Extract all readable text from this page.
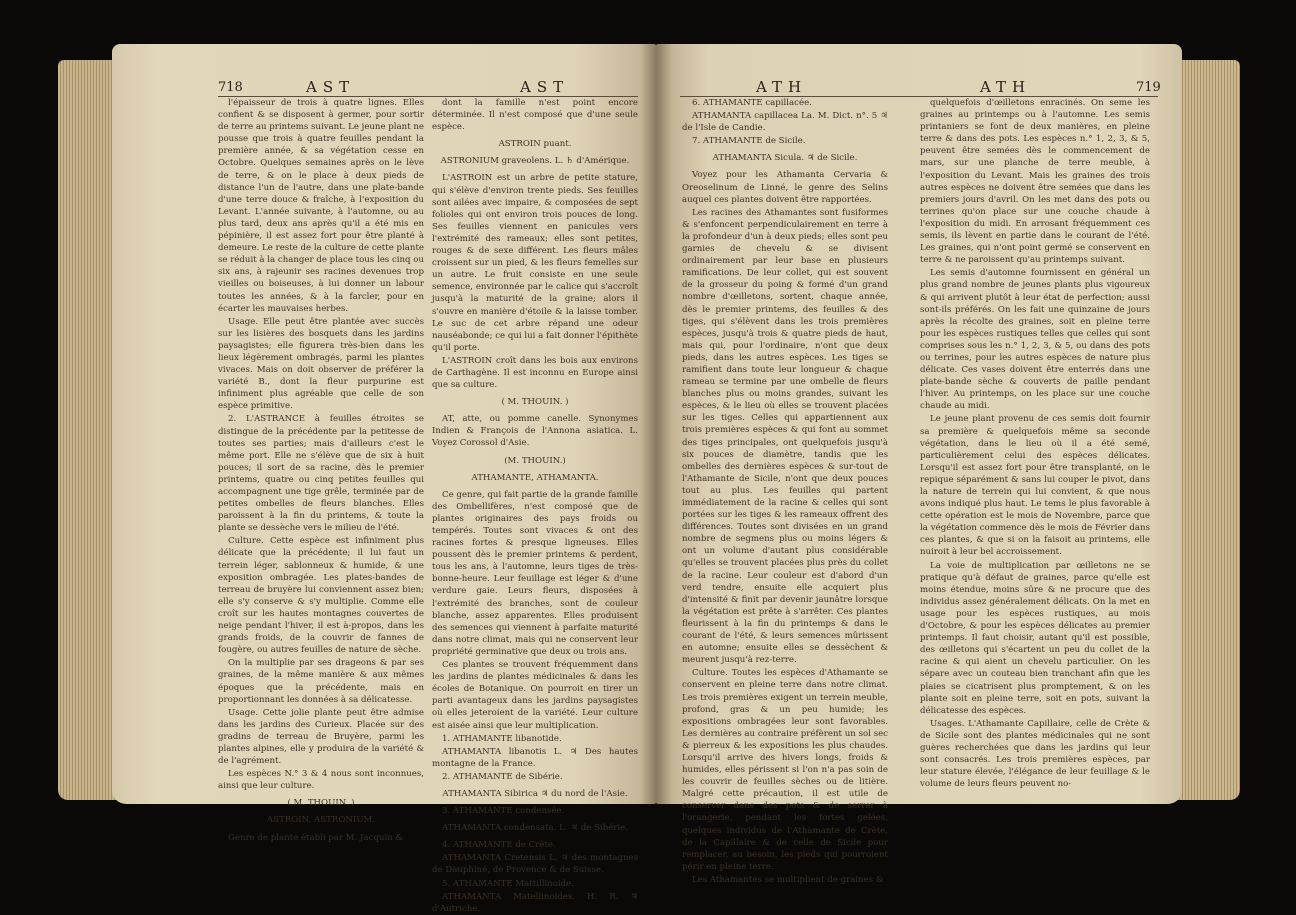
718	AST	AST	ATH	ATH	719

l'épaisseur de trois à quatre lignes. Elles confient & se disposent à germer, pour sortir de terre au printems suivant. Le jeune plant ne pousse que trois à quatre feuilles pendant la première année, & sa végétation cesse en Octobre. Quelques semaines après on le lève de terre, & on le place à deux pieds de distance l'un de l'autre, dans une plate-bande d'une terre douce & fraîche, à l'exposition du Levant. L'année suivante, à l'automne, ou au plus tard, deux ans après qu'il a été mis en pépinière, il est assez fort pour être planté à demeure. Le reste de la culture de cette plante se réduit à la changer de place tous les cinq ou six ans, à rajeunir ses racines devenues trop vieilles ou boiseuses, à lui donner un labour toutes les années, & à la farcler, pour en écarter les mauvaises herbes.

Usage. Elle peut être plantée avec succès sur les lisières des bosquets dans les jardins paysagistes; elle figurera très-bien dans les lieux légèrement ombragés, parmi les plantes vivaces. Mais on doit observer de préférer la variété B., dont la fleur purpurine est infiniment plus agréable que celle de son espèce primitive.

2. L'ASTRANCE à feuilles étroites se distingue de la précédente par la petitesse de toutes ses parties; mais d'ailleurs c'est le même port. Elle ne s'élève que de six à huit pouces; il sort de sa racine, dès le premier printems, quatre ou cinq petites feuilles qui accompagnent une tige grêle, terminée par de petites ombelles de fleurs blanches. Elles paroissent à la fin du printems, & toute la plante se dessèche vers le milieu de l'été.

Culture. Cette espèce est infiniment plus délicate que la précédente; il lui faut un terrein léger, sablonneux & humide, & une exposition ombragée. Les plates-bandes de terreau de bruyère lui conviennent assez bien; elle s'y conserve & s'y multiplie. Comme elle croît sur les hautes montagnes couvertes de neige pendant l'hiver, il est à-propos, dans les grands froids, de la couvrir de fannes de fougère, ou autres feuilles de nature de sèche.

On la multiplie par ses drageons & par ses graines, de la même manière & aux mêmes époques que la précédente, mais en proportionnant les données à sa délicatesse.

Usage. Cette jolie plante peut être admise dans les jardins des Curieux. Placée sur des gradins de terreau de Bruyère, parmi les plantes alpines, elle y produira de la variété & de l'agrément.

Les espèces N.° 3 & 4 nous sont inconnues, ainsi que leur culture.

( M. THOUIN. )

ASTROIN, ASTRONIUM.

Genre de plante établi par M. Jacquin &

dont la famille n'est point encore déterminée. Il n'est composé que d'une seule espèce.

ASTROIN puant.

ASTRONIUM graveolens. L. ♄ d'Amérique.

L'ASTROIN est un arbre de petite stature, qui s'élève d'environ trente pieds. Ses feuilles sont ailées avec impaire, & composées de sept folioles qui ont environ trois pouces de long. Ses feuilles viennent en panicules vers l'extrémité des rameaux; elles sont petites, rouges & de sexe différent. Les fleurs mâles croissent sur un pied, & les fleurs femelles sur un autre. Le fruit consiste en une seule semence, environnée par le calice qui s'accroît jusqu'à la maturité de la graine; alors il s'ouvre en manière d'étoile & la laisse tomber. Le suc de cet arbre répand une odeur nauséabonde; ce qui lui a fait donner l'épithète qu'il porte.

L'ASTROIN croît dans les bois aux environs de Carthagène. Il est inconnu en Europe ainsi que sa culture.

( M. THOUIN. )

AT, atte, ou pomme canelle. Synonymes Indien & François de l'Annona asiatica. L. Voyez Corossol d'Asie.

(M. THOUIN.)

ATHAMANTE, ATHAMANTA.

Ce genre, qui fait partie de la grande famille des Ombellifères, n'est composé que de plantes originaires des pays froids ou tempérés. Toutes sont vivaces & ont des racines fortes & presque ligneuses. Elles poussent dès le premier printems & perdent, tous les ans, à l'automne, leurs tiges de très-bonne-heure. Leur feuillage est léger & d'une verdure gaie. Leurs fleurs, disposées à l'extrémité des branches, sont de couleur blanche, assez apparentes. Elles produisent des semences qui viennent à parfaite maturité dans notre climat, mais qui ne conservent leur propriété germinative que deux ou trois ans.

Ces plantes se trouvent fréquemment dans les jardins de plantes médicinales & dans les écoles de Botanique. On pourroit en tirer un parti avantageux dans les jardins paysagistes où elles jeteroient de la variété. Leur culture est aisée ainsi que leur multiplication.

1. ATHAMANTE libanotide.

ATHAMANTA libanotis L. ♃ Des hautes montagne de la France.

2. ATHAMANTE de Sibérie.

ATHAMANTA Sibirica ♃ du nord de l'Asie.

3. ATHAMANTE condensée.

ATHAMANTA condensata. L. ♃ de Sibérie.

4. ATHAMANTE de Crète.

ATHAMANTA Cretensis L. ♃ des montagnes de Dauphiné, de Provence & de Suisse.

5. ATHAMANTE Mattillinoide.

ATHAMANTA Matellinoides. H. R. ♃ d'Autriche.

6. ATHAMANTE capillacée.

ATHAMANTA capillacea La. M. Dict. n°. 5 ♃ de l'Isle de Candie.

7. ATHAMANTE de Sicile.

ATHAMANTA Sicula. ♃ de Sicile.

Voyez pour les Athamanta Cervaria & Oreoselinum de Linné, le genre des Selins auquel ces plantes doivent être rapportées.

Les racines des Athamantes sont fusiformes & s'enfoncent perpendiculairement en terre à la profondeur d'un à deux pieds; elles sont peu garnies de chevelu & se divisent ordinairement par leur base en plusieurs ramifications. De leur collet, qui est souvent de la grosseur du poing & formé d'un grand nombre d'œilletons, sortent, chaque année, dès le premier printems, des feuilles & des tiges, qui s'élèvent dans les trois premières espèces, jusqu'à trois & quatre pieds de haut, mais qui, pour l'ordinaire, n'ont que deux pieds, dans les autres espèces. Les tiges se ramifient dans toute leur longueur & chaque rameau se termine par une ombelle de fleurs blanches plus ou moins grandes, suivant les espèces, & le lieu où elles se trouvent placées sur les tiges. Celles qui appartiennent aux trois premières espèces & qui font au sommet des tiges principales, ont quelquefois jusqu'à six pouces de diamètre, tandis que les ombelles des dernières espèces & sur-tout de l'Athamante de Sicile, n'ont que deux pouces tout au plus. Les feuilles qui partent immédiatement de la racine & celles qui sont portées sur les tiges & les rameaux offrent des différences. Toutes sont divisées en un grand nombre de segmens plus ou moins légers & ont un volume d'autant plus considérable qu'elles se trouvent placées plus près du collet de la racine. Leur couleur est d'abord d'un verd tendre, ensuite elle acquiert plus d'intensité & finit par devenir jaunâtre lorsque la végétation est prête à s'arrêter. Ces plantes fleurissent à la fin du printemps & dans le courant de l'été, & leurs semences mûrissent en automne; ensuite elles se dessèchent & meurent jusqu'à rez-terre.

Culture. Toutes les espèces d'Athamante se conservent en pleine terre dans notre climat. Les trois premières exigent un terrein meuble, profond, gras & un peu humide; les expositions ombragées leur sont favorables. Les dernières au contraire préfèrent un sol sec & pierreux & les expositions les plus chaudes. Lorsqu'il arrive des hivers longs, froids & humides, elles périssent si l'on n'a pas soin de les couvrir de feuilles sèches ou de litière. Malgré cette précaution, il est utile de conserver dans des pots & de serrer à l'orangerie, pendant les fortes gelées, quelques individus de l'Athamante de Crète, de la Capillaire & de celle de Sicile pour remplacer, au besoin, les pieds qui pourroient périr en pleine terre.

Les Athamantes se multiplient de graines &

quelquefois d'œilletons enracinés. On seme les graines au printemps ou à l'automne. Les semis printaniers se font de deux manières, en pleine terre & dans des pots. Les espèces n.° 1, 2, 3, & 5, peuvent être semées dès le commencement de mars, sur une planche de terre meuble, à l'exposition du Levant. Mais les graines des trois autres espèces ne doivent être semées que dans les premiers jours d'avril. On les met dans des pots ou terrines qu'on place sur une couche chaude à l'exposition du midi. En arrosant fréquemment ces semis, ils lèvent en partie dans le courant de l'été. Les graines, qui n'ont point germé se conservent en terre & ne paroissent qu'au printemps suivant.

Les semis d'automne fournissent en général un plus grand nombre de jeunes plants plus vigoureux & qui arrivent plutôt à leur état de perfection; aussi sont-ils préférés. On les fait une quinzaine de jours après la récolte des graines, soit en pleine terre pour les espèces rustiques telles que celles qui sont comprises sous les n.° 1, 2, 3, & 5, ou dans des pots ou terrines, pour les autres espèces de nature plus délicate. Ces vases doivent être enterrés dans une plate-bande sèche & couverts de paille pendant l'hiver. Au printemps, on les place sur une couche chaude au midi.

Le jeune plant provenu de ces semis doit fournir sa première & quelquefois même sa seconde végétation, dans le lieu où il a été semé, particulièrement celui des espèces délicates. Lorsqu'il est assez fort pour être transplanté, on le repique séparément & sans lui couper le pivot, dans la nature de terrein qui lui convient, & que nous avons indiqué plus haut. Le tems le plus favorable à cette opération est le mois de Novembre, parce que la végétation commence dès le mois de Février dans ces plantes, & que si on la faisoit au printems, elle nuiroit à leur bel accroissement.

La voie de multiplication par œilletons ne se pratique qu'à défaut de graines, parce qu'elle est moins étendue, moins sûre & ne procure que des individus assez généralement délicats. On la met en usage pour les espèces rustiques, au mois d'Octobre, & pour les espèces délicates au premier printemps. Il faut choisir, autant qu'il est possible, des œilletons qui s'écartent un peu du collet de la racine & qui aient un chevelu particulier. On les sépare avec un couteau bien tranchant afin que les plaies se cicatrisent plus promptement, & on les plante soit en pleine terre, soit en pots, suivant la délicatesse des espèces.

Usages. L'Athamante Capillaire, celle de Crète & de Sicile sont des plantes médicinales qui ne sont guères recherchées que dans les jardins qui leur sont consacrés. Les trois premières espèces, par leur stature élevée, l'élégance de leur feuillage & le volume de leurs fleurs peuvent no-
